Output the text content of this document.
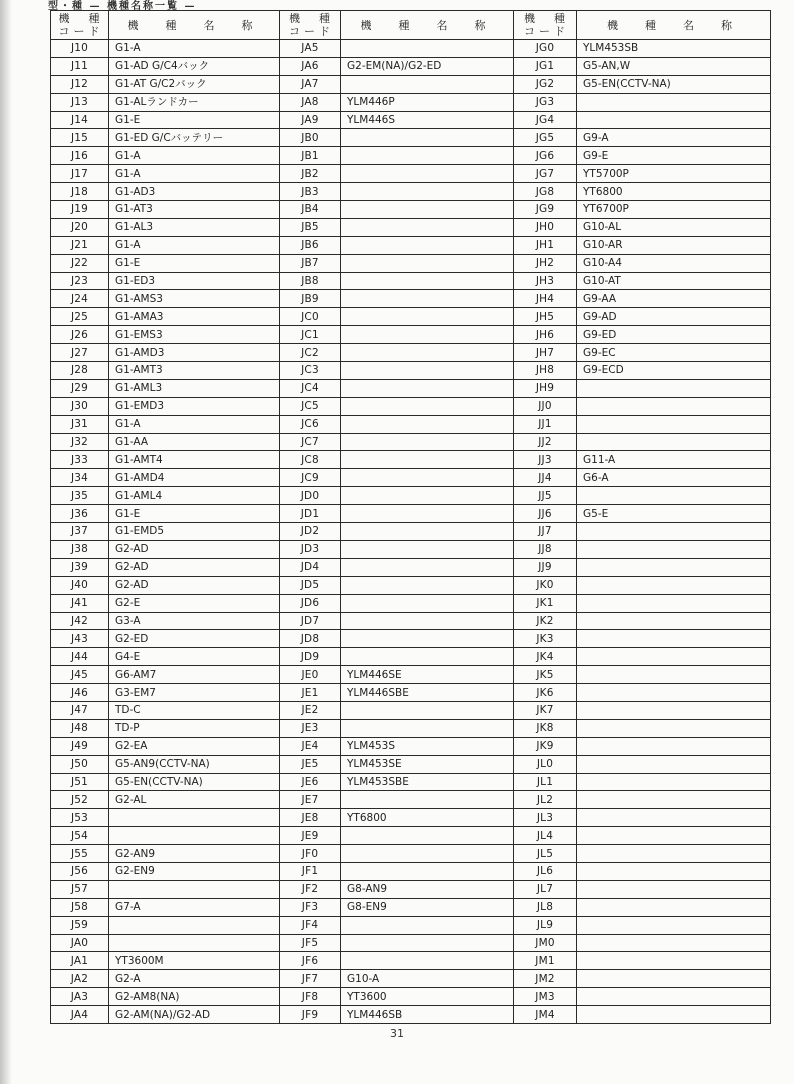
型・種 — 機種名称一覧 —
機　種
コード	機　種　名　称	機　種
コード	機　種　名　称	機　種
コード	機　種　名　称
J10	G1-A	JA5		JG0	YLM453SB
J11	G1-AD G/C4バック	JA6	G2-EM(NA)/G2-ED	JG1	G5-AN,W
J12	G1-AT G/C2バック	JA7		JG2	G5-EN(CCTV-NA)
J13	G1-ALランドカー	JA8	YLM446P	JG3	
J14	G1-E	JA9	YLM446S	JG4	
J15	G1-ED G/Cバッテリー	JB0		JG5	G9-A
J16	G1-A	JB1		JG6	G9-E
J17	G1-A	JB2		JG7	YT5700P
J18	G1-AD3	JB3		JG8	YT6800
J19	G1-AT3	JB4		JG9	YT6700P
J20	G1-AL3	JB5		JH0	G10-AL
J21	G1-A	JB6		JH1	G10-AR
J22	G1-E	JB7		JH2	G10-A4
J23	G1-ED3	JB8		JH3	G10-AT
J24	G1-AMS3	JB9		JH4	G9-AA
J25	G1-AMA3	JC0		JH5	G9-AD
J26	G1-EMS3	JC1		JH6	G9-ED
J27	G1-AMD3	JC2		JH7	G9-EC
J28	G1-AMT3	JC3		JH8	G9-ECD
J29	G1-AML3	JC4		JH9	
J30	G1-EMD3	JC5		JJ0	
J31	G1-A	JC6		JJ1	
J32	G1-AA	JC7		JJ2	
J33	G1-AMT4	JC8		JJ3	G11-A
J34	G1-AMD4	JC9		JJ4	G6-A
J35	G1-AML4	JD0		JJ5	
J36	G1-E	JD1		JJ6	G5-E
J37	G1-EMD5	JD2		JJ7	
J38	G2-AD	JD3		JJ8	
J39	G2-AD	JD4		JJ9	
J40	G2-AD	JD5		JK0	
J41	G2-E	JD6		JK1	
J42	G3-A	JD7		JK2	
J43	G2-ED	JD8		JK3	
J44	G4-E	JD9		JK4	
J45	G6-AM7	JE0	YLM446SE	JK5	
J46	G3-EM7	JE1	YLM446SBE	JK6	
J47	TD-C	JE2		JK7	
J48	TD-P	JE3		JK8	
J49	G2-EA	JE4	YLM453S	JK9	
J50	G5-AN9(CCTV-NA)	JE5	YLM453SE	JL0	
J51	G5-EN(CCTV-NA)	JE6	YLM453SBE	JL1	
J52	G2-AL	JE7		JL2	
J53		JE8	YT6800	JL3	
J54		JE9		JL4	
J55	G2-AN9	JF0		JL5	
J56	G2-EN9	JF1		JL6	
J57		JF2	G8-AN9	JL7	
J58	G7-A	JF3	G8-EN9	JL8	
J59		JF4		JL9	
JA0		JF5		JM0	
JA1	YT3600M	JF6		JM1	
JA2	G2-A	JF7	G10-A	JM2	
JA3	G2-AM8(NA)	JF8	YT3600	JM3	
JA4	G2-AM(NA)/G2-AD	JF9	YLM446SB	JM4	
31
